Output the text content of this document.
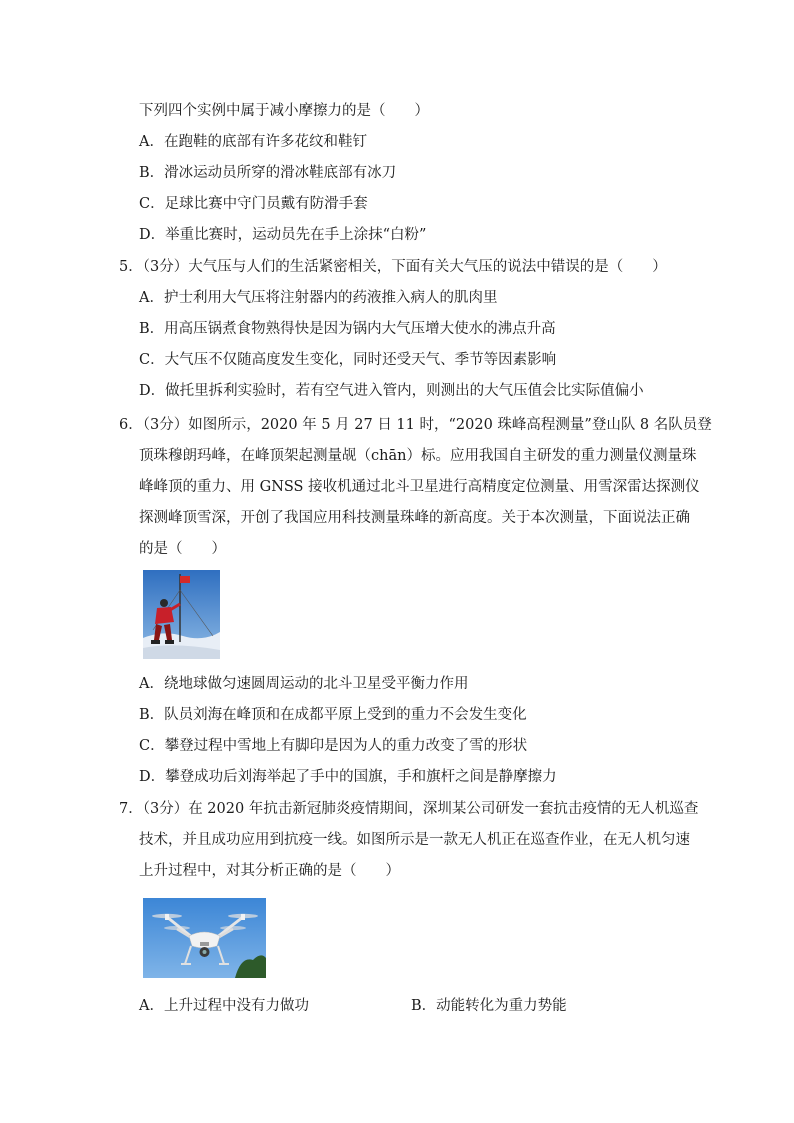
下列四个实例中属于减小摩擦力的是（　　）
A．在跑鞋的底部有许多花纹和鞋钉
B．滑冰运动员所穿的滑冰鞋底部有冰刀
C．足球比赛中守门员戴有防滑手套
D．举重比赛时，运动员先在手上涂抹“白粉”
5．（3分）大气压与人们的生活紧密相关，下面有关大气压的说法中错误的是（　　）
A．护士利用大气压将注射器内的药液推入病人的肌肉里
B．用高压锅煮食物熟得快是因为锅内大气压增大使水的沸点升高
C．大气压不仅随高度发生变化，同时还受天气、季节等因素影响
D．做托里拆利实验时，若有空气进入管内，则测出的大气压值会比实际值偏小
6．（3分）如图所示，2020 年 5 月 27 日 11 时，“2020 珠峰高程测量”登山队 8 名队员登
顶珠穆朗玛峰，在峰顶架起测量觇（chān）标。应用我国自主研发的重力测量仪测量珠
峰峰顶的重力、用 GNSS 接收机通过北斗卫星进行高精度定位测量、用雪深雷达探测仪
探测峰顶雪深，开创了我国应用科技测量珠峰的新高度。关于本次测量，下面说法正确
的是（　　）
A．绕地球做匀速圆周运动的北斗卫星受平衡力作用
B．队员刘海在峰顶和在成都平原上受到的重力不会发生变化
C．攀登过程中雪地上有脚印是因为人的重力改变了雪的形状
D．攀登成功后刘海举起了手中的国旗，手和旗杆之间是静摩擦力
7．（3分）在 2020 年抗击新冠肺炎疫情期间，深圳某公司研发一套抗击疫情的无人机巡查
技术，并且成功应用到抗疫一线。如图所示是一款无人机正在巡查作业，在无人机匀速
上升过程中，对其分析正确的是（　　）
A．上升过程中没有力做功	B．动能转化为重力势能
